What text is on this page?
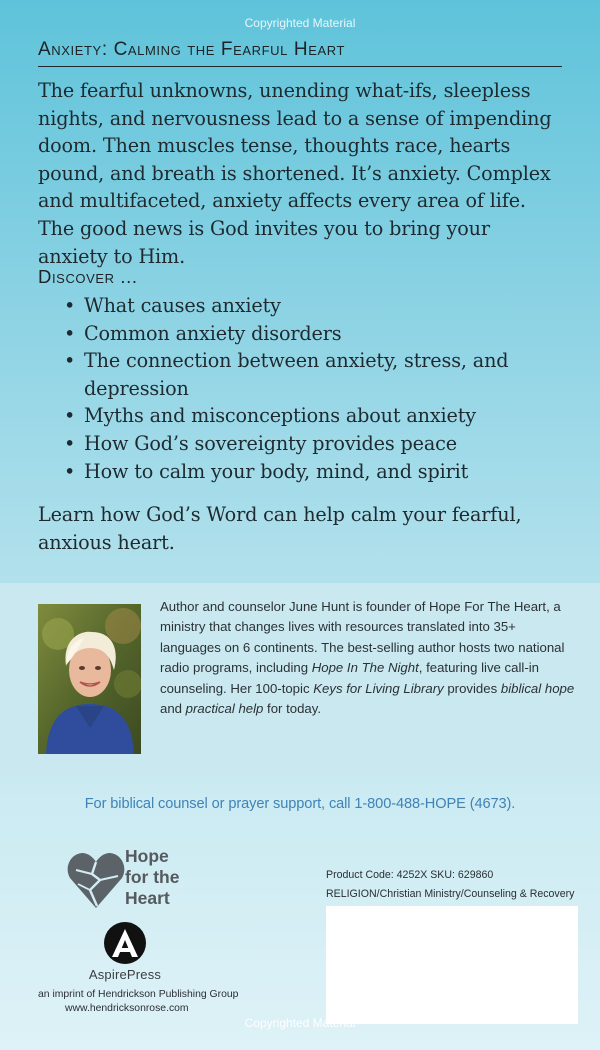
Copyrighted Material
Anxiety: Calming the Fearful Heart

The fearful unknowns, unending what-ifs, sleepless nights, and nervousness lead to a sense of impending doom. Then muscles tense, thoughts race, hearts pound, and breath is shortened. It’s anxiety. Complex and multifaceted, anxiety affects every area of life. The good news is God invites you to bring your anxiety to Him.

Discover ...
• What causes anxiety
• Common anxiety disorders
• The connection between anxiety, stress, and depression
• Myths and misconceptions about anxiety
• How God’s sovereignty provides peace
• How to calm your body, mind, and spirit

Learn how God’s Word can help calm your fearful, anxious heart.

Author and counselor June Hunt is founder of Hope For The Heart, a ministry that changes lives with resources translated into 35+ languages on 6 continents. The best-selling author hosts two national radio programs, including Hope In The Night, featuring live call-in counseling. Her 100-topic Keys for Living Library provides biblical hope and practical help for today.

For biblical counsel or prayer support, call 1-800-488-HOPE (4673).

Hope
for the
Heart
AspirePress
an imprint of Hendrickson Publishing Group
www.hendricksonrose.com
Product Code: 4252X SKU: 629860
RELIGION/Christian Ministry/Counseling & Recovery
Copyrighted Material
